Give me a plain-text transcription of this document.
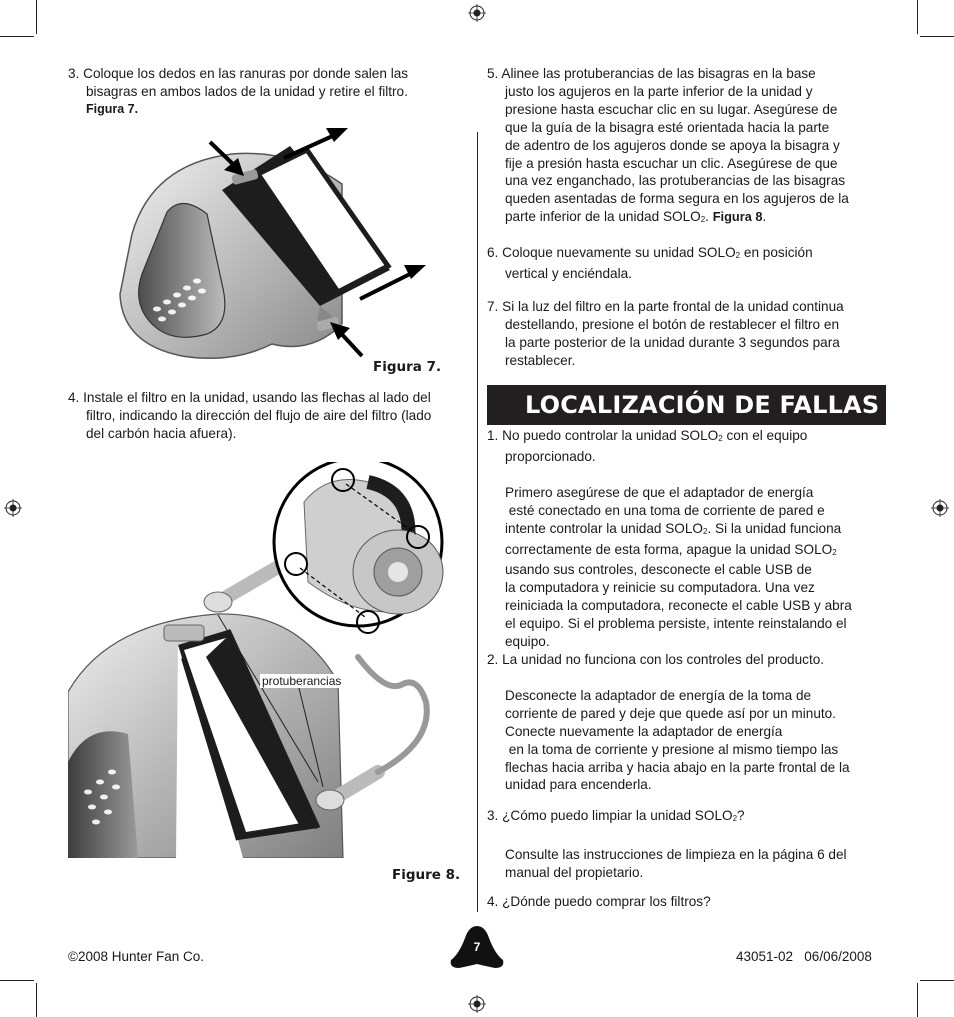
3. Coloque los dedos en las ranuras por donde salen las
bisagras en ambos lados de la unidad y retire el filtro.
Figura 7.
Figura 7.
4. Instale el filtro en la unidad, usando las flechas al lado del
filtro, indicando la dirección del flujo de aire del filtro (lado
del carbón hacia afuera).
protuberancias
Figure 8.
5. Alinee las protuberancias de las bisagras en la base
justo los agujeros en la parte inferior de la unidad y
presione hasta escuchar clic en su lugar. Asegúrese de
que la guía de la bisagra esté orientada hacia la parte
de adentro de los agujeros donde se apoya la bisagra y
fije a presión hasta escuchar un clic. Asegúrese de que
una vez enganchado, las protuberancias de las bisagras
queden asentadas de forma segura en los agujeros de la
parte inferior de la unidad SOLO2. Figura 8.
6. Coloque nuevamente su unidad SOLO2 en posición
vertical y enciéndala.
7. Si la luz del filtro en la parte frontal de la unidad continua
destellando, presione el botón de restablecer el filtro en
la parte posterior de la unidad durante 3 segundos para
restablecer.
LOCALIZACIÓN DE FALLAS
1. No puedo controlar la unidad SOLO2 con el equipo
proporcionado.
Primero asegúrese de que el adaptador de energía
esté conectado en una toma de corriente de pared e
intente controlar la unidad SOLO2. Si la unidad funciona
correctamente de esta forma, apague la unidad SOLO2
usando sus controles, desconecte el cable USB de
la computadora y reinicie su computadora. Una vez
reiniciada la computadora, reconecte el cable USB y abra
el equipo. Si el problema persiste, intente reinstalando el
equipo.
2. La unidad no funciona con los controles del producto.
Desconecte la adaptador de energía de la toma de
corriente de pared y deje que quede así por un minuto.
Conecte nuevamente la adaptador de energía
en la toma de corriente y presione al mismo tiempo las
flechas hacia arriba y hacia abajo en la parte frontal de la
unidad para encenderla.
3. ¿Cómo puedo limpiar la unidad SOLO2?
Consulte las instrucciones de limpieza en la página 6 del
manual del propietario.
4. ¿Dónde puedo comprar los filtros?
©2008 Hunter Fan Co.	43051-02   06/06/2008
7
